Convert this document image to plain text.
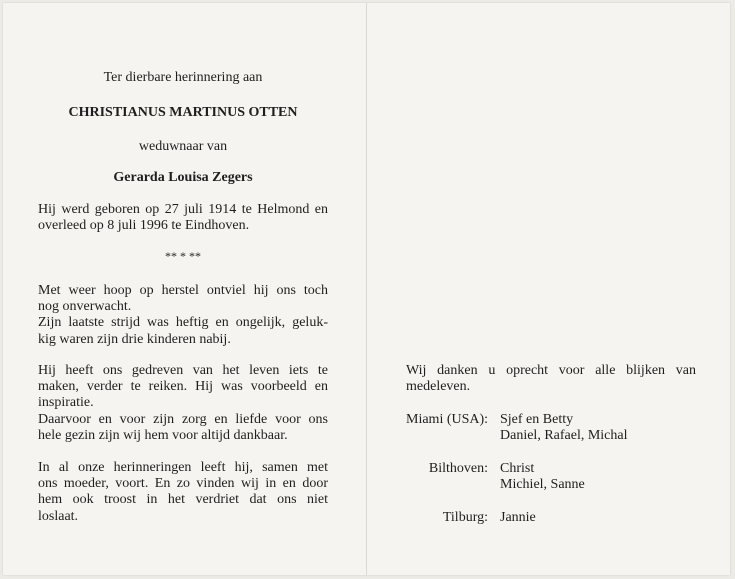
Ter dierbare herinnering aan
CHRISTIANUS MARTINUS OTTEN
weduwnaar van
Gerarda Louisa Zegers
Hij werd geboren op 27 juli 1914 te Helmond en
overleed op 8 juli 1996 te Eindhoven.
** * **
Met weer hoop op herstel ontviel hij ons toch
nog onverwacht.
Zijn laatste strijd was heftig en ongelijk, geluk-
kig waren zijn drie kinderen nabij.
Hij heeft ons gedreven van het leven iets te
maken, verder te reiken. Hij was voorbeeld en
inspiratie.
Daarvoor en voor zijn zorg en liefde voor ons
hele gezin zijn wij hem voor altijd dankbaar.
In al onze herinneringen leeft hij, samen met
ons moeder, voort. En zo vinden wij in en door
hem ook troost in het verdriet dat ons niet
loslaat.
Wij danken u oprecht voor alle blijken van
medeleven.
Miami (USA): Sjef en Betty
Daniel, Rafael, Michal
Bilthoven: Christ
Michiel, Sanne
Tilburg: Jannie
